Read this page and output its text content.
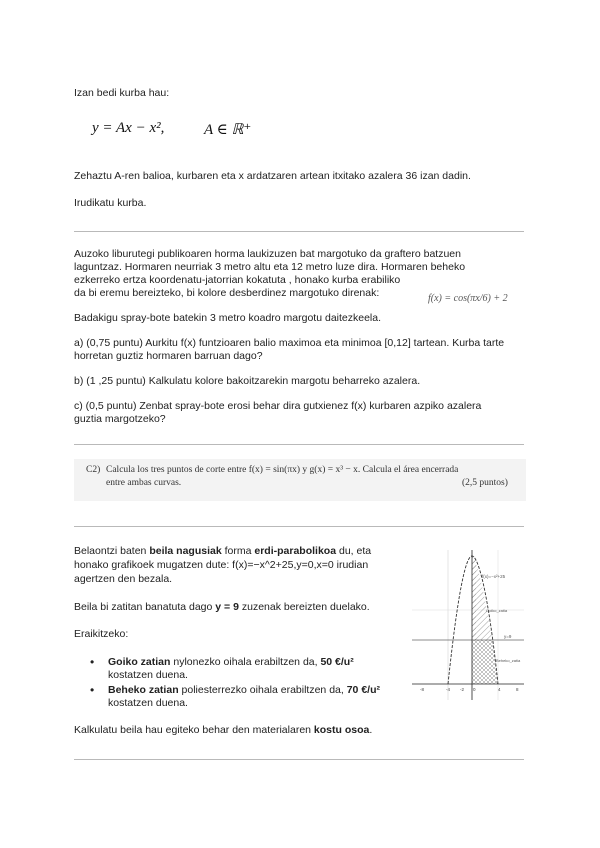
Izan bedi kurba hau:
y = Ax − x²,	A ∈ ℝ⁺
Zehaztu A-ren balioa, kurbaren eta x ardatzaren artean itxitako azalera 36 izan dadin.
Irudikatu kurba.
Auzoko liburutegi publikoaren horma laukizuzen bat margotuko da graftero batzuen
laguntzaz. Hormaren neurriak 3 metro altu eta 12 metro luze dira. Hormaren beheko
ezkerreko ertza koordenatu-jatorrian kokatuta , honako kurba erabiliko
da bi eremu bereizteko, bi kolore desberdinez margotuko direnak:	f(x) = cos(πx/6) + 2
Badakigu spray-bote batekin 3 metro koadro margotu daitezkeela.
a) (0,75 puntu) Aurkitu f(x) funtzioaren balio maximoa eta minimoa [0,12] tartean. Kurba tarte
horretan guztiz hormaren barruan dago?
b) (1 ,25 puntu) Kalkulatu kolore bakoitzarekin margotu beharreko azalera.
c) (0,5 puntu) Zenbat spray-bote erosi behar dira gutxienez f(x) kurbaren azpiko azalera
guztia margotzeko?
C2) Calcula los tres puntos de corte entre f(x) = sin(πx) y g(x) = x³ − x. Calcula el área encerrada
entre ambas curvas.	(2,5 puntos)
Belaontzi baten beila nagusiak forma erdi-parabolikoa du, eta
honako grafikoek mugatzen dute: f(x)=−x^2+25,y=0,x=0 irudian
agertzen den bezala.
Beila bi zatitan banatuta dago y = 9 zuzenak bereizten duelako.
Eraikitzeko:
• Goiko zatian nylonezko oihala erabiltzen da, 50 €/u²
kostatzen duena.
• Beheko zatian poliesterrezko oihala erabiltzen da, 70 €/u²
kostatzen duena.
Kalkulatu beila hau egiteko behar den materialaren kostu osoa.
f(x)=−x²+25
y=9
Goiko_zatia
Beheko_zatia
-8	-4 -2 0	4	8
